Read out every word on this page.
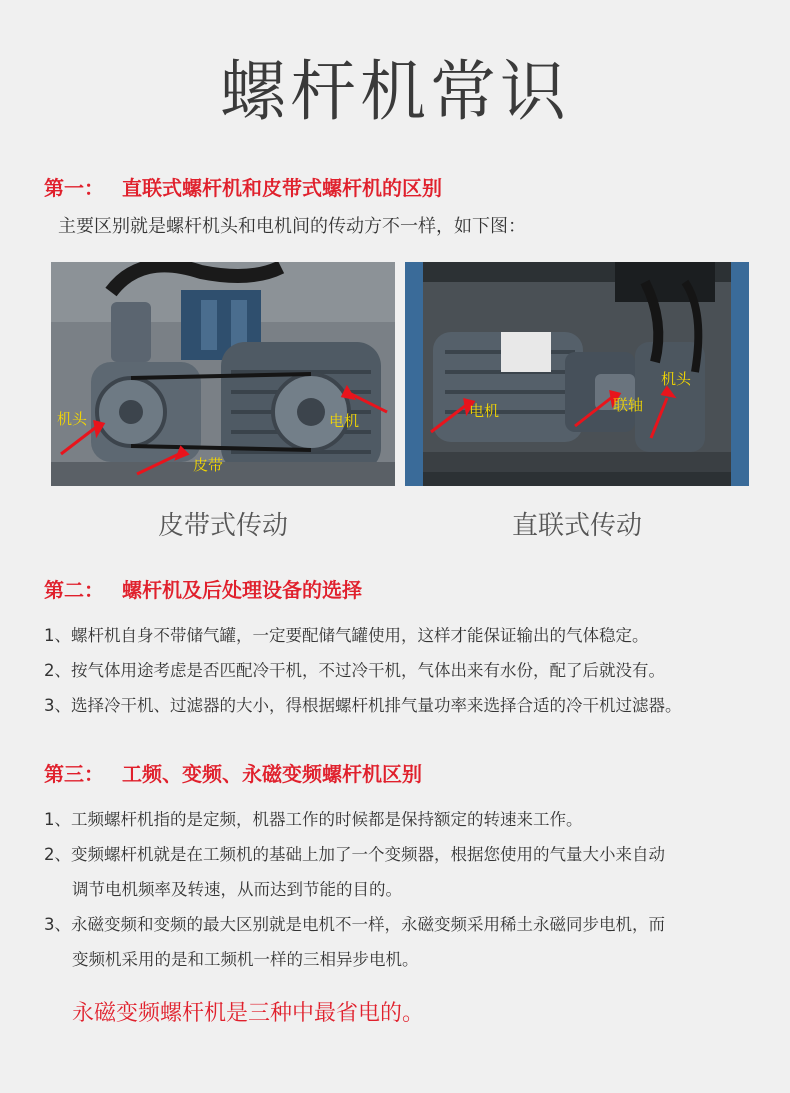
螺杆机常识
第一： 直联式螺杆机和皮带式螺杆机的区别
主要区别就是螺杆机头和电机间的传动方不一样，如下图：
机头	电机
皮带
电机	联轴
机头
皮带式传动	直联式传动
第二： 螺杆机及后处理设备的选择
1、螺杆机自身不带储气罐，一定要配储气罐使用，这样才能保证输出的气体稳定。
2、按气体用途考虑是否匹配冷干机，不过冷干机，气体出来有水份，配了后就没有。
3、选择冷干机、过滤器的大小，得根据螺杆机排气量功率来选择合适的冷干机过滤器。
第三： 工频、变频、永磁变频螺杆机区别
1、工频螺杆机指的是定频，机器工作的时候都是保持额定的转速来工作。
2、变频螺杆机就是在工频机的基础上加了一个变频器，根据您使用的气量大小来自动
调节电机频率及转速，从而达到节能的目的。
3、永磁变频和变频的最大区别就是电机不一样，永磁变频采用稀土永磁同步电机，而
变频机采用的是和工频机一样的三相异步电机。
永磁变频螺杆机是三种中最省电的。
